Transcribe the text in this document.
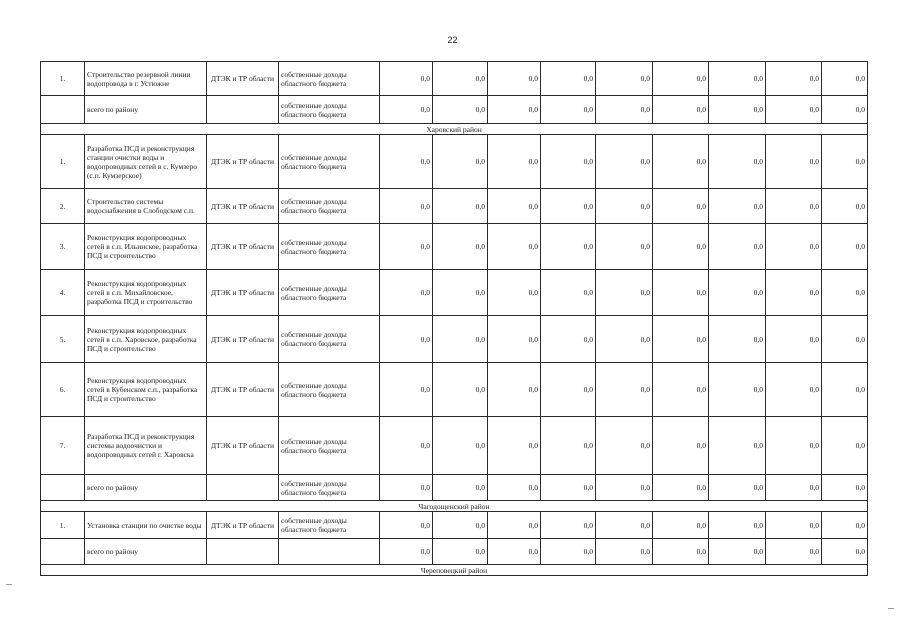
22
1.	Строительство резервной линии водопровода в г. Устюжне	ДТЭК и ТР области	собственные доходы областного бюджета	0,0	0,0	0,0	0,0	0,0	0,0	0,0	0,0	0,0
	всего по району		собственные доходы областного бюджета	0,0	0,0	0,0	0,0	0,0	0,0	0,0	0,0	0,0
Харовский район												
1.	Разработка ПСД и реконструкция станции очистки воды и водопроводных сетей в с. Кумзеро (с.п. Кумзерское)	ДТЭК и ТР области	собственные доходы областного бюджета	0,0	0,0	0,0	0,0	0,0	0,0	0,0	0,0	0,0
2.	Строительство системы водоснабжения в Слободском с.п.	ДТЭК и ТР области	собственные доходы областного бюджета	0,0	0,0	0,0	0,0	0,0	0,0	0,0	0,0	0,0
3.	Реконструкция водопроводных сетей в с.п. Ильинское, разработка ПСД и строительство	ДТЭК и ТР области	собственные доходы областного бюджета	0,0	0,0	0,0	0,0	0,0	0,0	0,0	0,0	0,0
4.	Реконструкция водопроводных сетей в с.п. Михайловское, разработка ПСД и строительство	ДТЭК и ТР области	собственные доходы областного бюджета	0,0	0,0	0,0	0,0	0,0	0,0	0,0	0,0	0,0
5.	Реконструкция водопроводных сетей в с.п. Харовское, разработка ПСД и строительство	ДТЭК и ТР области	собственные доходы областного бюджета	0,0	0,0	0,0	0,0	0,0	0,0	0,0	0,0	0,0
6.	Реконструкция водопроводных сетей в Кубенском с.п., разработка ПСД и строительство	ДТЭК и ТР области	собственные доходы областного бюджета	0,0	0,0	0,0	0,0	0,0	0,0	0,0	0,0	0,0
7.	Разработка ПСД и реконструкция системы водоочистки и водопроводных сетей г. Харовска	ДТЭК и ТР области	собственные доходы областного бюджета	0,0	0,0	0,0	0,0	0,0	0,0	0,0	0,0	0,0
	всего по району		собственные доходы областного бюджета	0,0	0,0	0,0	0,0	0,0	0,0	0,0	0,0	0,0
Чагодощенский район												
1.	Установка станции по очистке воды	ДТЭК и ТР области	собственные доходы областного бюджета	0,0	0,0	0,0	0,0	0,0	0,0	0,0	0,0	0,0
	всего по району			0,0	0,0	0,0	0,0	0,0	0,0	0,0	0,0	0,0
Череповецкий район												
